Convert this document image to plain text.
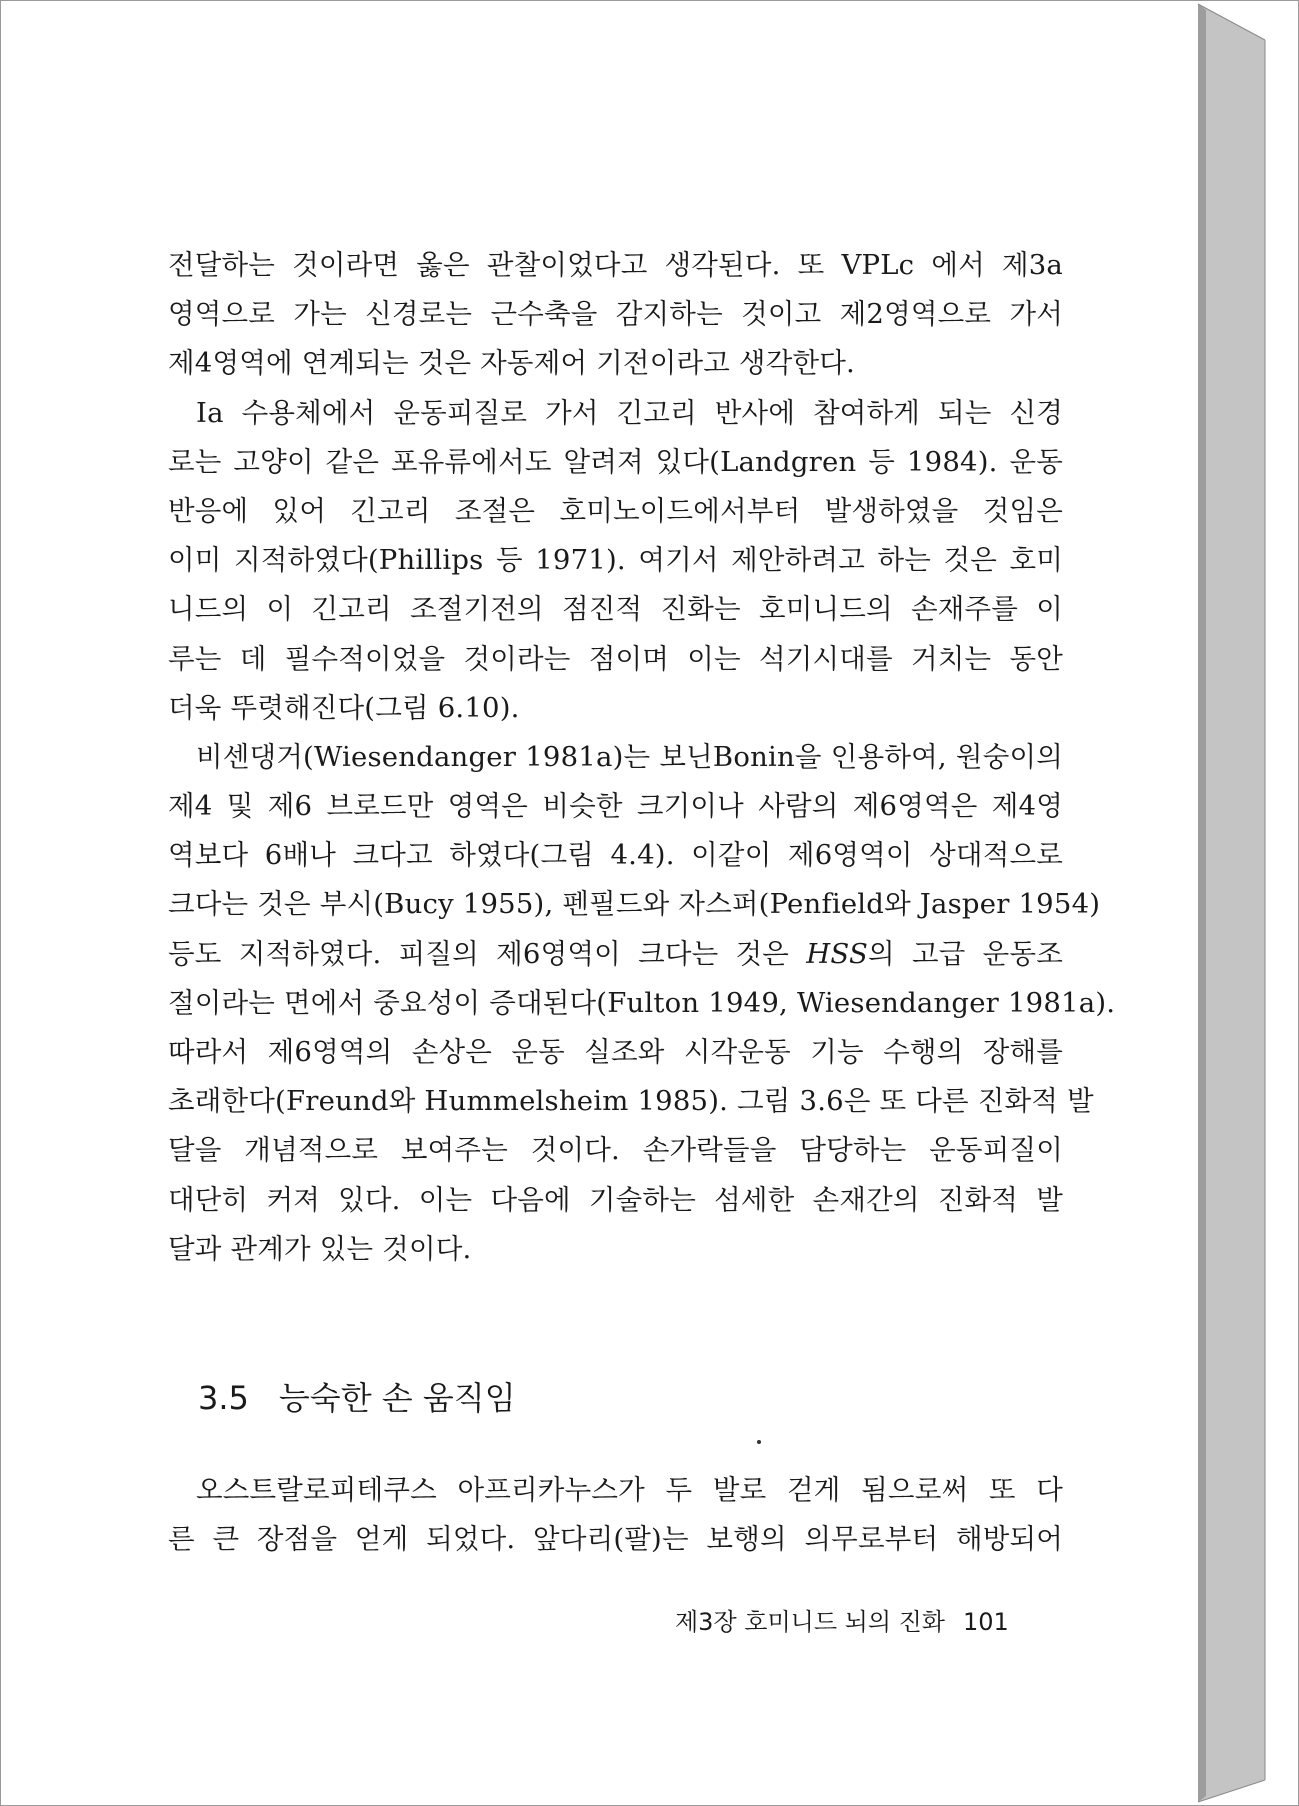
전달하는 것이라면 옳은 관찰이었다고 생각된다. 또 VPLc 에서 제3a
영역으로 가는 신경로는 근수축을 감지하는 것이고 제2영역으로 가서
제4영역에 연계되는 것은 자동제어 기전이라고 생각한다.
Ia 수용체에서 운동피질로 가서 긴고리 반사에 참여하게 되는 신경
로는 고양이 같은 포유류에서도 알려져 있다(Landgren 등 1984). 운동
반응에 있어 긴고리 조절은 호미노이드에서부터 발생하였을 것임은
이미 지적하였다(Phillips 등 1971). 여기서 제안하려고 하는 것은 호미
니드의 이 긴고리 조절기전의 점진적 진화는 호미니드의 손재주를 이
루는 데 필수적이었을 것이라는 점이며 이는 석기시대를 거치는 동안
더욱 뚜렷해진다(그림 6.10).
비센댕거(Wiesendanger 1981a)는 보닌Bonin을 인용하여, 원숭이의
제4 및 제6 브로드만 영역은 비슷한 크기이나 사람의 제6영역은 제4영
역보다 6배나 크다고 하였다(그림 4.4). 이같이 제6영역이 상대적으로
크다는 것은 부시(Bucy 1955), 펜필드와 자스퍼(Penfield와 Jasper 1954)
등도 지적하였다. 피질의 제6영역이 크다는 것은 HSS의 고급 운동조
절이라는 면에서 중요성이 증대된다(Fulton 1949, Wiesendanger 1981a).
따라서 제6영역의 손상은 운동 실조와 시각운동 기능 수행의 장해를
초래한다(Freund와 Hummelsheim 1985). 그림 3.6은 또 다른 진화적 발
달을 개념적으로 보여주는 것이다. 손가락들을 담당하는 운동피질이
대단히 커져 있다. 이는 다음에 기술하는 섬세한 손재간의 진화적 발
달과 관계가 있는 것이다.
3.5 능숙한 손 움직임
오스트랄로피테쿠스 아프리카누스가 두 발로 걷게 됨으로써 또 다
른 큰 장점을 얻게 되었다. 앞다리(팔)는 보행의 의무로부터 해방되어
제3장 호미니드 뇌의 진화 101
